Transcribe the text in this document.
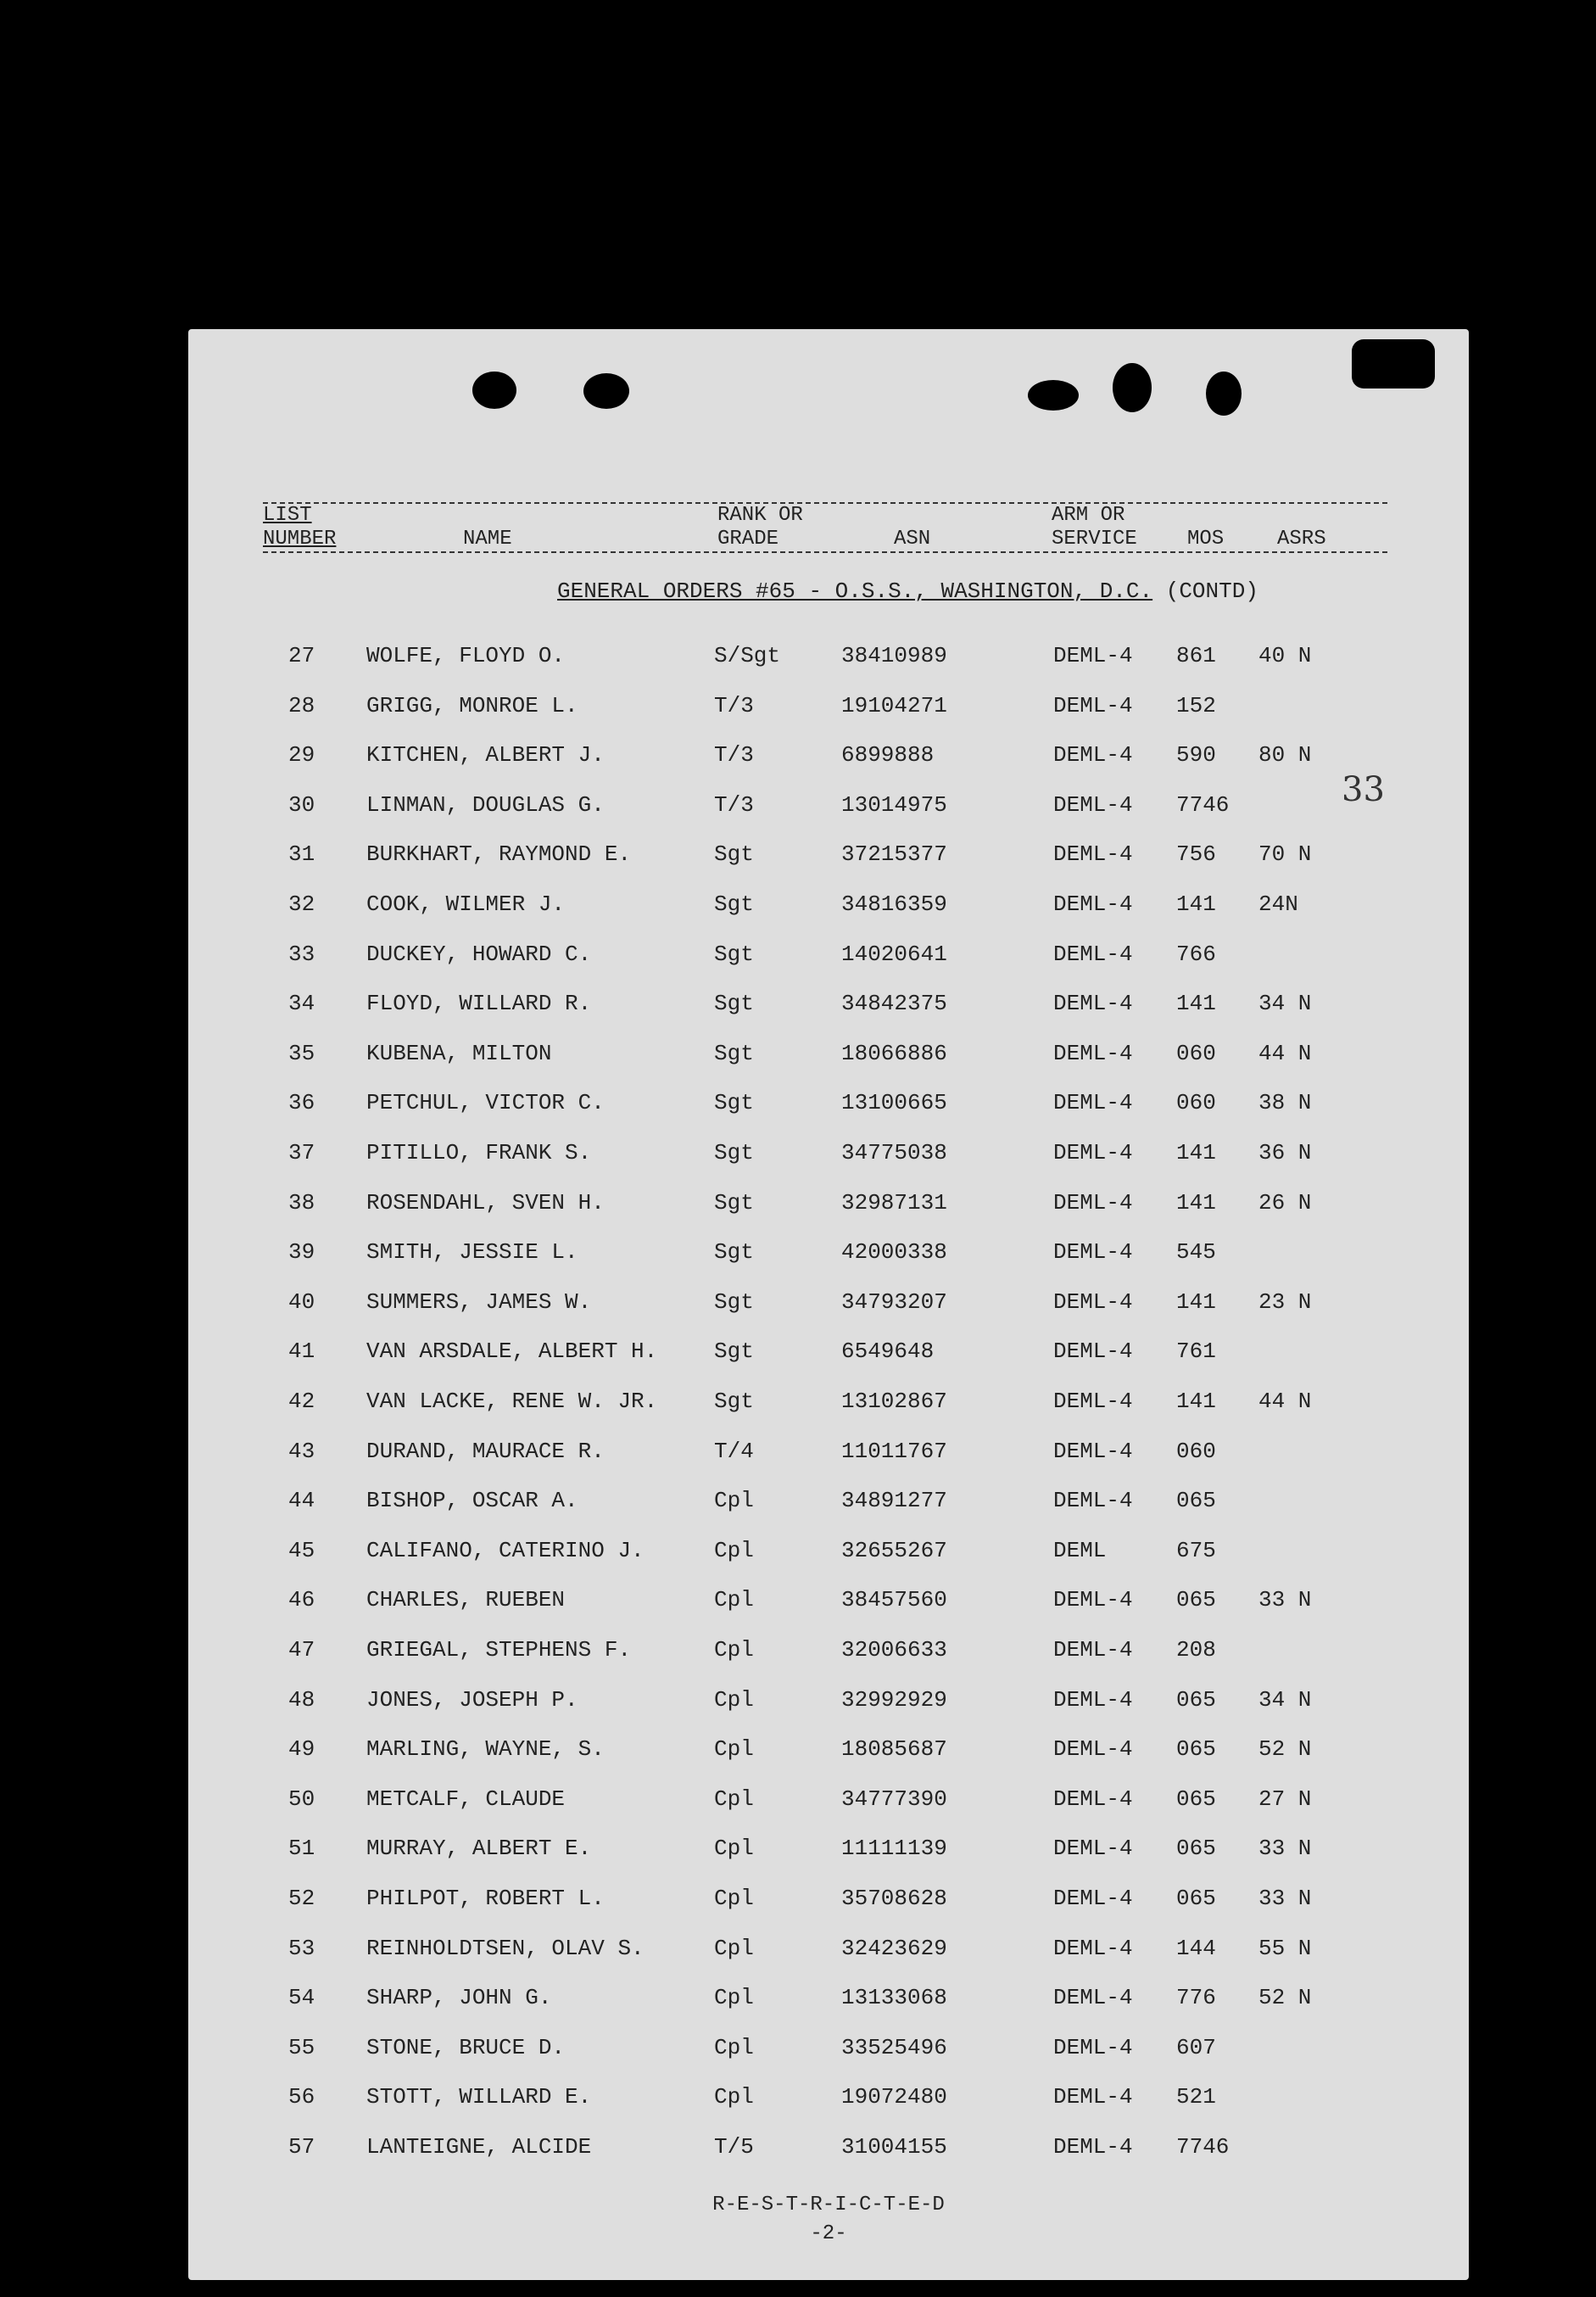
LIST
NUMBER	NAME
RANK OR
GRADE	ASN
ARM OR
SERVICE MOS	ASRS
GENERAL ORDERS #65 - O.S.S., WASHINGTON, D.C. (CONTD)
33
27 WOLFE, FLOYD O.	S/Sgt	38410989	DEML-4 861 40 N
28 GRIGG, MONROE L.	T/3	19104271	DEML-4 152
29 KITCHEN, ALBERT J.	T/3	6899888	DEML-4 590 80 N
30 LINMAN, DOUGLAS G.	T/3	13014975	DEML-4 7746
31 BURKHART, RAYMOND E.	Sgt	37215377	DEML-4 756 70 N
32 COOK, WILMER J.	Sgt	34816359	DEML-4 141 24N
33 DUCKEY, HOWARD C.	Sgt	14020641	DEML-4 766
34 FLOYD, WILLARD R.	Sgt	34842375	DEML-4 141 34 N
35 KUBENA, MILTON	Sgt	18066886	DEML-4 060 44 N
36 PETCHUL, VICTOR C.	Sgt	13100665	DEML-4 060 38 N
37 PITILLO, FRANK S.	Sgt	34775038	DEML-4 141 36 N
38 ROSENDAHL, SVEN H.	Sgt	32987131	DEML-4 141 26 N
39 SMITH, JESSIE L.	Sgt	42000338	DEML-4 545
40 SUMMERS, JAMES W.	Sgt	34793207	DEML-4 141 23 N
41 VAN ARSDALE, ALBERT H.	Sgt	6549648	DEML-4 761
42 VAN LACKE, RENE W. JR.	Sgt	13102867	DEML-4 141 44 N
43 DURAND, MAURACE R.	T/4	11011767	DEML-4 060
44 BISHOP, OSCAR A.	Cpl	34891277	DEML-4 065
45 CALIFANO, CATERINO J.	Cpl	32655267	DEML	675
46 CHARLES, RUEBEN	Cpl	38457560	DEML-4 065 33 N
47 GRIEGAL, STEPHENS F.	Cpl	32006633	DEML-4 208
48 JONES, JOSEPH P.	Cpl	32992929	DEML-4 065 34 N
49 MARLING, WAYNE, S.	Cpl	18085687	DEML-4 065 52 N
50 METCALF, CLAUDE	Cpl	34777390	DEML-4 065 27 N
51 MURRAY, ALBERT E.	Cpl	11111139	DEML-4 065 33 N
52 PHILPOT, ROBERT L.	Cpl	35708628	DEML-4 065 33 N
53 REINHOLDTSEN, OLAV S.	Cpl	32423629	DEML-4 144 55 N
54 SHARP, JOHN G.	Cpl	13133068	DEML-4 776 52 N
55 STONE, BRUCE D.	Cpl	33525496	DEML-4 607
56 STOTT, WILLARD E.	Cpl	19072480	DEML-4 521
57 LANTEIGNE, ALCIDE	T/5	31004155	DEML-4 7746
R-E-S-T-R-I-C-T-E-D
-2-
